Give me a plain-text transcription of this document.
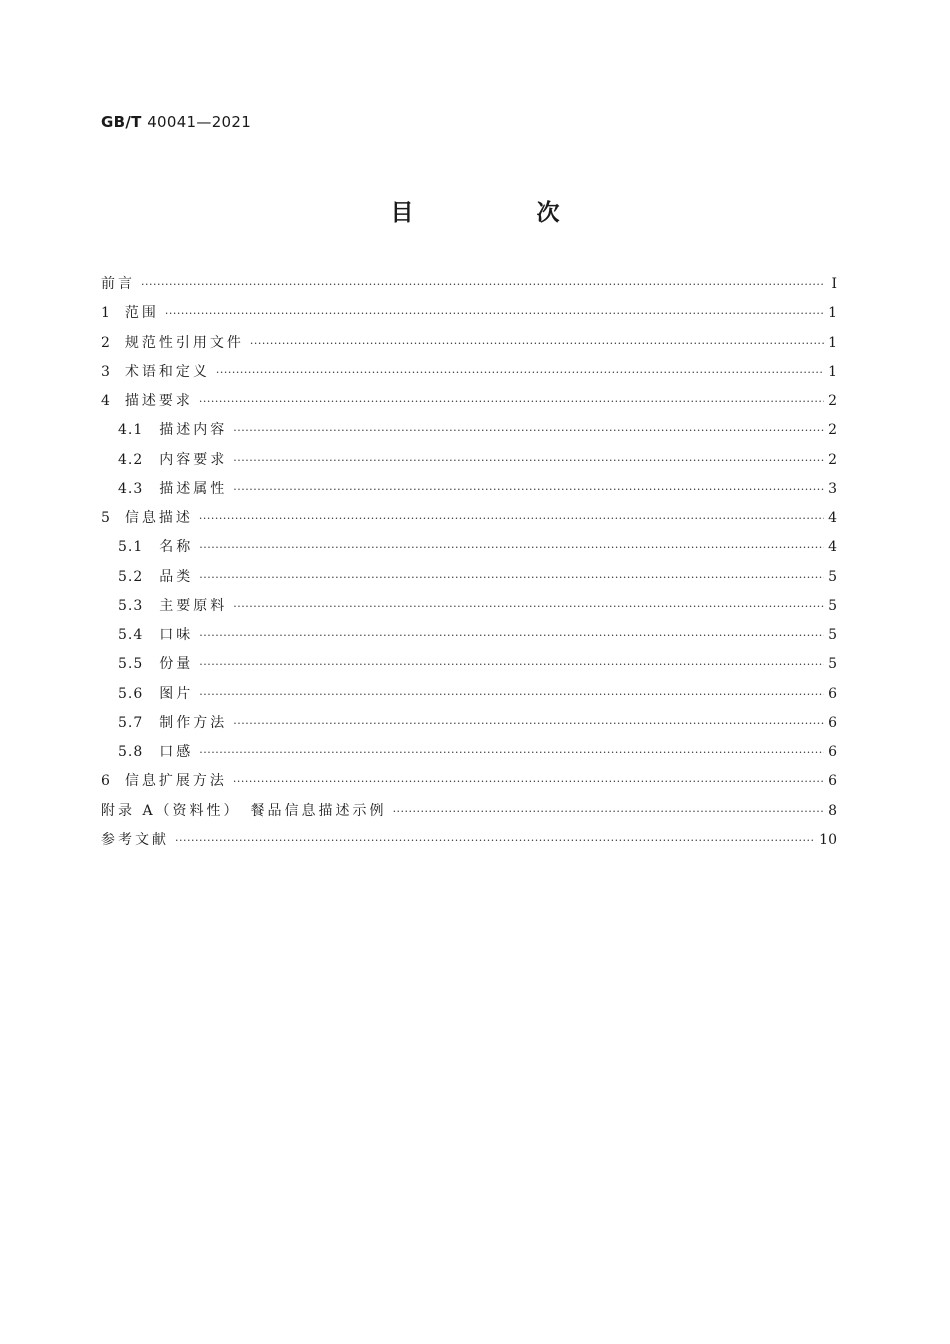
GB/T 40041—2021
目　次
前言 ·····	Ⅰ
1 范围 ·····	1
2 规范性引用文件 ·····	1
3 术语和定义 ·····	1
4 描述要求 ·····	2
4.1 描述内容 ·····	2
4.2 内容要求 ·····	2
4.3 描述属性 ·····	3
5 信息描述 ·····	4
5.1 名称 ·····	4
5.2 品类 ·····	5
5.3 主要原料 ·····	5
5.4 口味 ·····	5
5.5 份量 ·····	5
5.6 图片 ·····	6
5.7 制作方法 ·····	6
5.8 口感 ·····	6
6 信息扩展方法 ·····	6
附录 A（资料性）　餐品信息描述示例 ·····	8
参考文献 ·····	10
